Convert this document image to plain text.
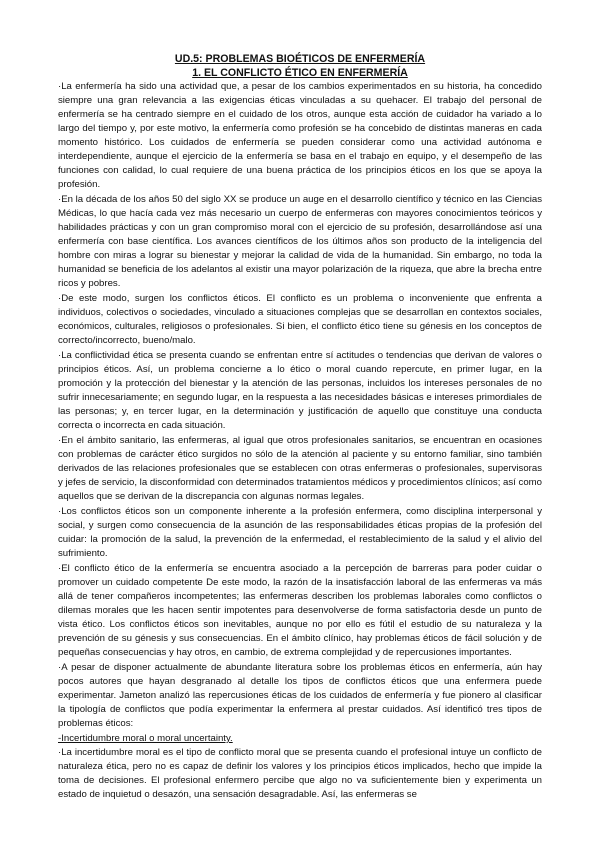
UD.5: PROBLEMAS BIOÉTICOS DE ENFERMERÍA

1. EL CONFLICTO ÉTICO EN ENFERMERÍA

·La enfermería ha sido una actividad que, a pesar de los cambios experimentados en su historia, ha concedido siempre una gran relevancia a las exigencias éticas vinculadas a su quehacer. El trabajo del personal de enfermería se ha centrado siempre en el cuidado de los otros, aunque esta acción de cuidador ha variado a lo largo del tiempo y, por este motivo, la enfermería como profesión se ha concebido de distintas maneras en cada momento histórico. Los cuidados de enfermería se pueden considerar como una actividad autónoma e interdependiente, aunque el ejercicio de la enfermería se basa en el trabajo en equipo, y el desempeño de las funciones con calidad, lo cual requiere de una buena práctica de los principios éticos en los que se apoya la profesión.

·En la década de los años 50 del siglo XX se produce un auge en el desarrollo científico y técnico en las Ciencias Médicas, lo que hacía cada vez más necesario un cuerpo de enfermeras con mayores conocimientos teóricos y habilidades prácticas y con un gran compromiso moral con el ejercicio de su profesión, desarrollándose así una enfermería con base científica. Los avances científicos de los últimos años son producto de la inteligencia del hombre con miras a lograr su bienestar y mejorar la calidad de vida de la humanidad. Sin embargo, no toda la humanidad se beneficia de los adelantos al existir una mayor polarización de la riqueza, que abre la brecha entre ricos y pobres.

·De este modo, surgen los conflictos éticos. El conflicto es un problema o inconveniente que enfrenta a individuos, colectivos o sociedades, vinculado a situaciones complejas que se desarrollan en contextos sociales, económicos, culturales, religiosos o profesionales. Si bien, el conflicto ético tiene su génesis en los conceptos de correcto/incorrecto, bueno/malo.

·La conflictividad ética se presenta cuando se enfrentan entre sí actitudes o tendencias que derivan de valores o principios éticos. Así, un problema concierne a lo ético o moral cuando repercute, en primer lugar, en la promoción y la protección del bienestar y la atención de las personas, incluidos los intereses personales de no sufrir innecesariamente; en segundo lugar, en la respuesta a las necesidades básicas e intereses primordiales de las personas; y, en tercer lugar, en la determinación y justificación de aquello que constituye una conducta correcta o incorrecta en cada situación.

·En el ámbito sanitario, las enfermeras, al igual que otros profesionales sanitarios, se encuentran en ocasiones con problemas de carácter ético surgidos no sólo de la atención al paciente y su entorno familiar, sino también derivados de las relaciones profesionales que se establecen con otras enfermeras o profesionales, supervisoras y jefes de servicio, la disconformidad con determinados tratamientos médicos y procedimientos clínicos; así como aquellos que se derivan de la discrepancia con algunas normas legales.

·Los conflictos éticos son un componente inherente a la profesión enfermera, como disciplina interpersonal y social, y surgen como consecuencia de la asunción de las responsabilidades éticas propias de la profesión del cuidar: la promoción de la salud, la prevención de la enfermedad, el restablecimiento de la salud y el alivio del sufrimiento.

·El conflicto ético de la enfermería se encuentra asociado a la percepción de barreras para poder cuidar o promover un cuidado competente De este modo, la razón de la insatisfacción laboral de las enfermeras va más allá de tener compañeros incompetentes; las enfermeras describen los problemas laborales como conflictos o dilemas morales que les hacen sentir impotentes para desenvolverse de forma satisfactoria desde un punto de vista ético. Los conflictos éticos son inevitables, aunque no por ello es fútil el estudio de su naturaleza y la prevención de su génesis y sus consecuencias. En el ámbito clínico, hay problemas éticos de fácil solución y de pequeñas consecuencias y hay otros, en cambio, de extrema complejidad y de repercusiones importantes.

·A pesar de disponer actualmente de abundante literatura sobre los problemas éticos en enfermería, aún hay pocos autores que hayan desgranado al detalle los tipos de conflictos éticos que una enfermera puede experimentar. Jameton analizó las repercusiones éticas de los cuidados de enfermería y fue pionero al clasificar la tipología de conflictos que podía experimentar la enfermera al prestar cuidados. Así identificó tres tipos de problemas éticos:

-Incertidumbre moral o moral uncertainty.

·La incertidumbre moral es el tipo de conflicto moral que se presenta cuando el profesional intuye un conflicto de naturaleza ética, pero no es capaz de definir los valores y los principios éticos implicados, hecho que impide la toma de decisiones. El profesional enfermero percibe que algo no va suficientemente bien y experimenta un estado de inquietud o desazón, una sensación desagradable. Así, las enfermeras se
